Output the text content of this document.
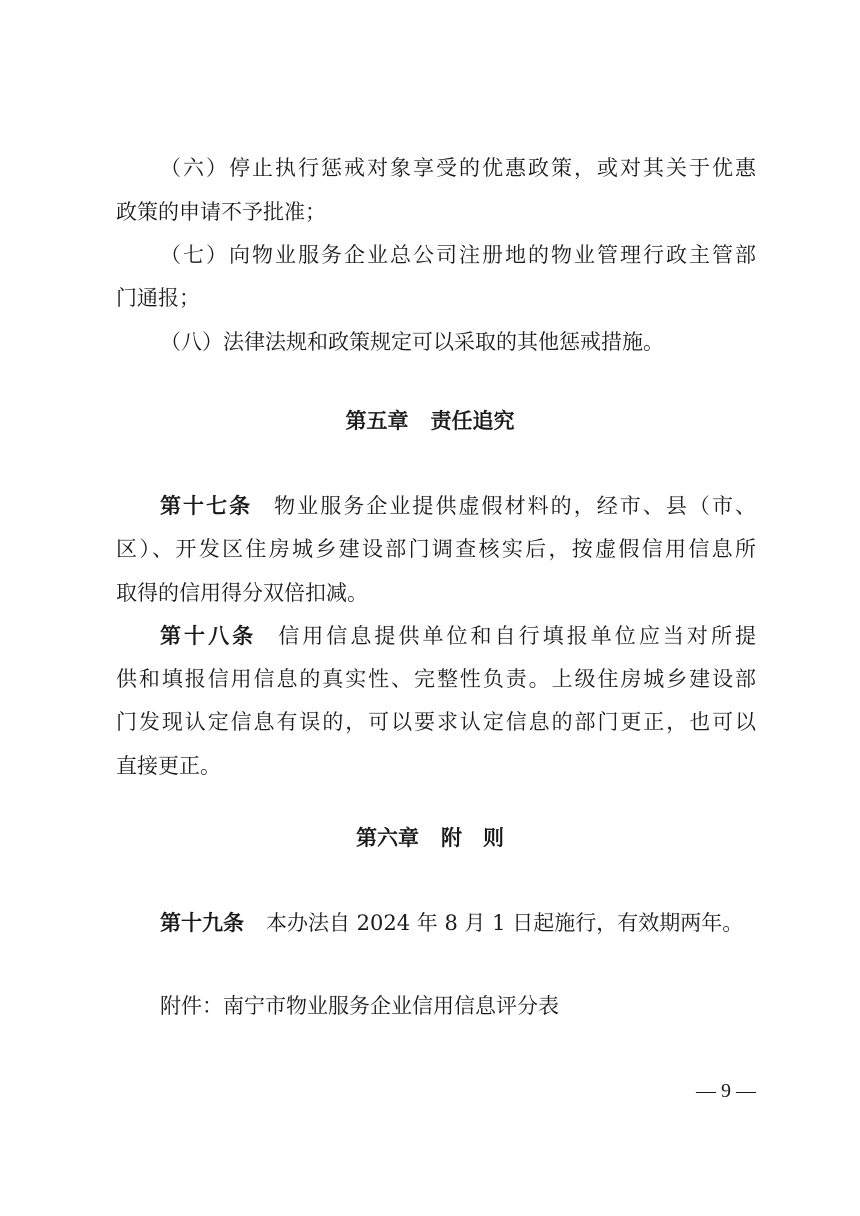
（六）停止执行惩戒对象享受的优惠政策，或对其关于优惠
政策的申请不予批准；
（七）向物业服务企业总公司注册地的物业管理行政主管部
门通报；
（八）法律法规和政策规定可以采取的其他惩戒措施。
第五章 责任追究
第十七条 物业服务企业提供虚假材料的，经市、县（市、
区）、开发区住房城乡建设部门调查核实后，按虚假信用信息所
取得的信用得分双倍扣减。
第十八条 信用信息提供单位和自行填报单位应当对所提
供和填报信用信息的真实性、完整性负责。上级住房城乡建设部
门发现认定信息有误的，可以要求认定信息的部门更正，也可以
直接更正。
第六章 附　则
第十九条 本办法自 2024 年 8 月 1 日起施行，有效期两年。
附件：南宁市物业服务企业信用信息评分表
— 9 —
